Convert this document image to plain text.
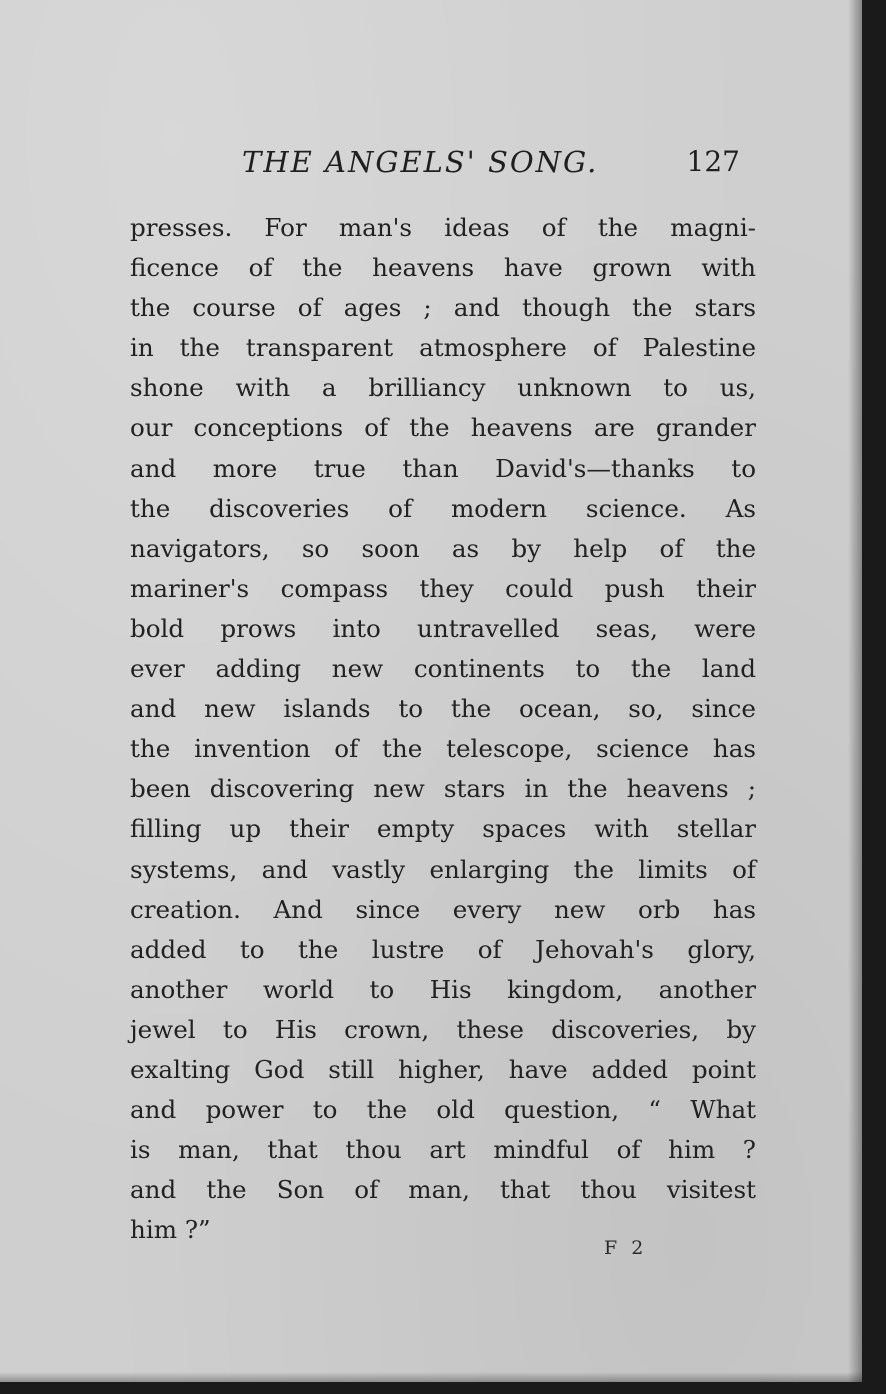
THE ANGELS' SONG.	127

presses. For man's ideas of the magni-
ficence of the heavens have grown with
the course of ages ; and though the stars
in the transparent atmosphere of Palestine
shone with a brilliancy unknown to us,
our conceptions of the heavens are grander
and more true than David's—thanks to
the discoveries of modern science. As
navigators, so soon as by help of the
mariner's compass they could push their
bold prows into untravelled seas, were
ever adding new continents to the land
and new islands to the ocean, so, since
the invention of the telescope, science has
been discovering new stars in the heavens ;
filling up their empty spaces with stellar
systems, and vastly enlarging the limits of
creation. And since every new orb has
added to the lustre of Jehovah's glory,
another world to His kingdom, another
jewel to His crown, these discoveries, by
exalting God still higher, have added point
and power to the old question, “ What
is man, that thou art mindful of him ?
and the Son of man, that thou visitest
him ?”

F 2
